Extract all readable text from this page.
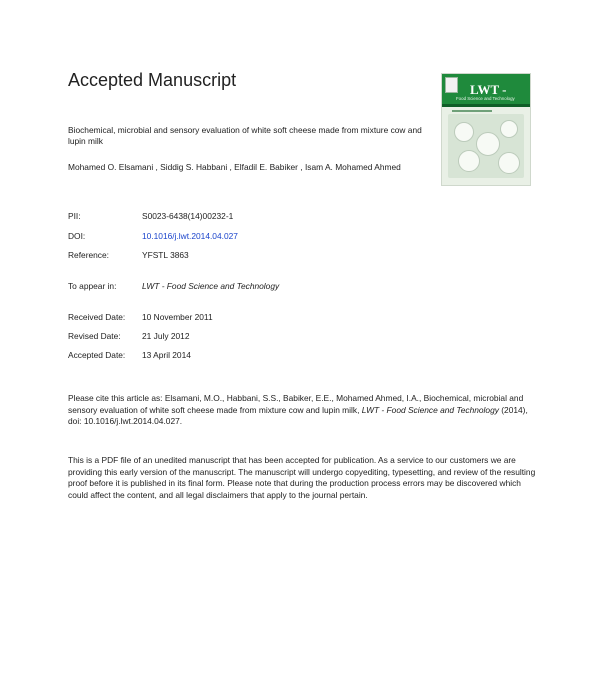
Accepted Manuscript	LWT -
Food Science and Technology
Biochemical, microbial and sensory evaluation of white soft cheese made from mixture cow and lupin milk
Mohamed O. Elsamani , Siddig S. Habbani , Elfadil E. Babiker , Isam A. Mohamed Ahmed
PII:	S0023-6438(14)00232-1
DOI:	10.1016/j.lwt.2014.04.027
Reference:	YFSTL 3863
To appear in:	LWT - Food Science and Technology
Received Date: 10 November 2011
Revised Date:	21 July 2012
Accepted Date: 13 April 2014
Please cite this article as: Elsamani, M.O., Habbani, S.S., Babiker, E.E., Mohamed Ahmed, I.A., Biochemical, microbial and sensory evaluation of white soft cheese made from mixture cow and lupin milk, LWT - Food Science and Technology (2014), doi: 10.1016/j.lwt.2014.04.027.
This is a PDF file of an unedited manuscript that has been accepted for publication. As a service to our customers we are providing this early version of the manuscript. The manuscript will undergo copyediting, typesetting, and review of the resulting proof before it is published in its final form. Please note that during the production process errors may be discovered which could affect the content, and all legal disclaimers that apply to the journal pertain.
